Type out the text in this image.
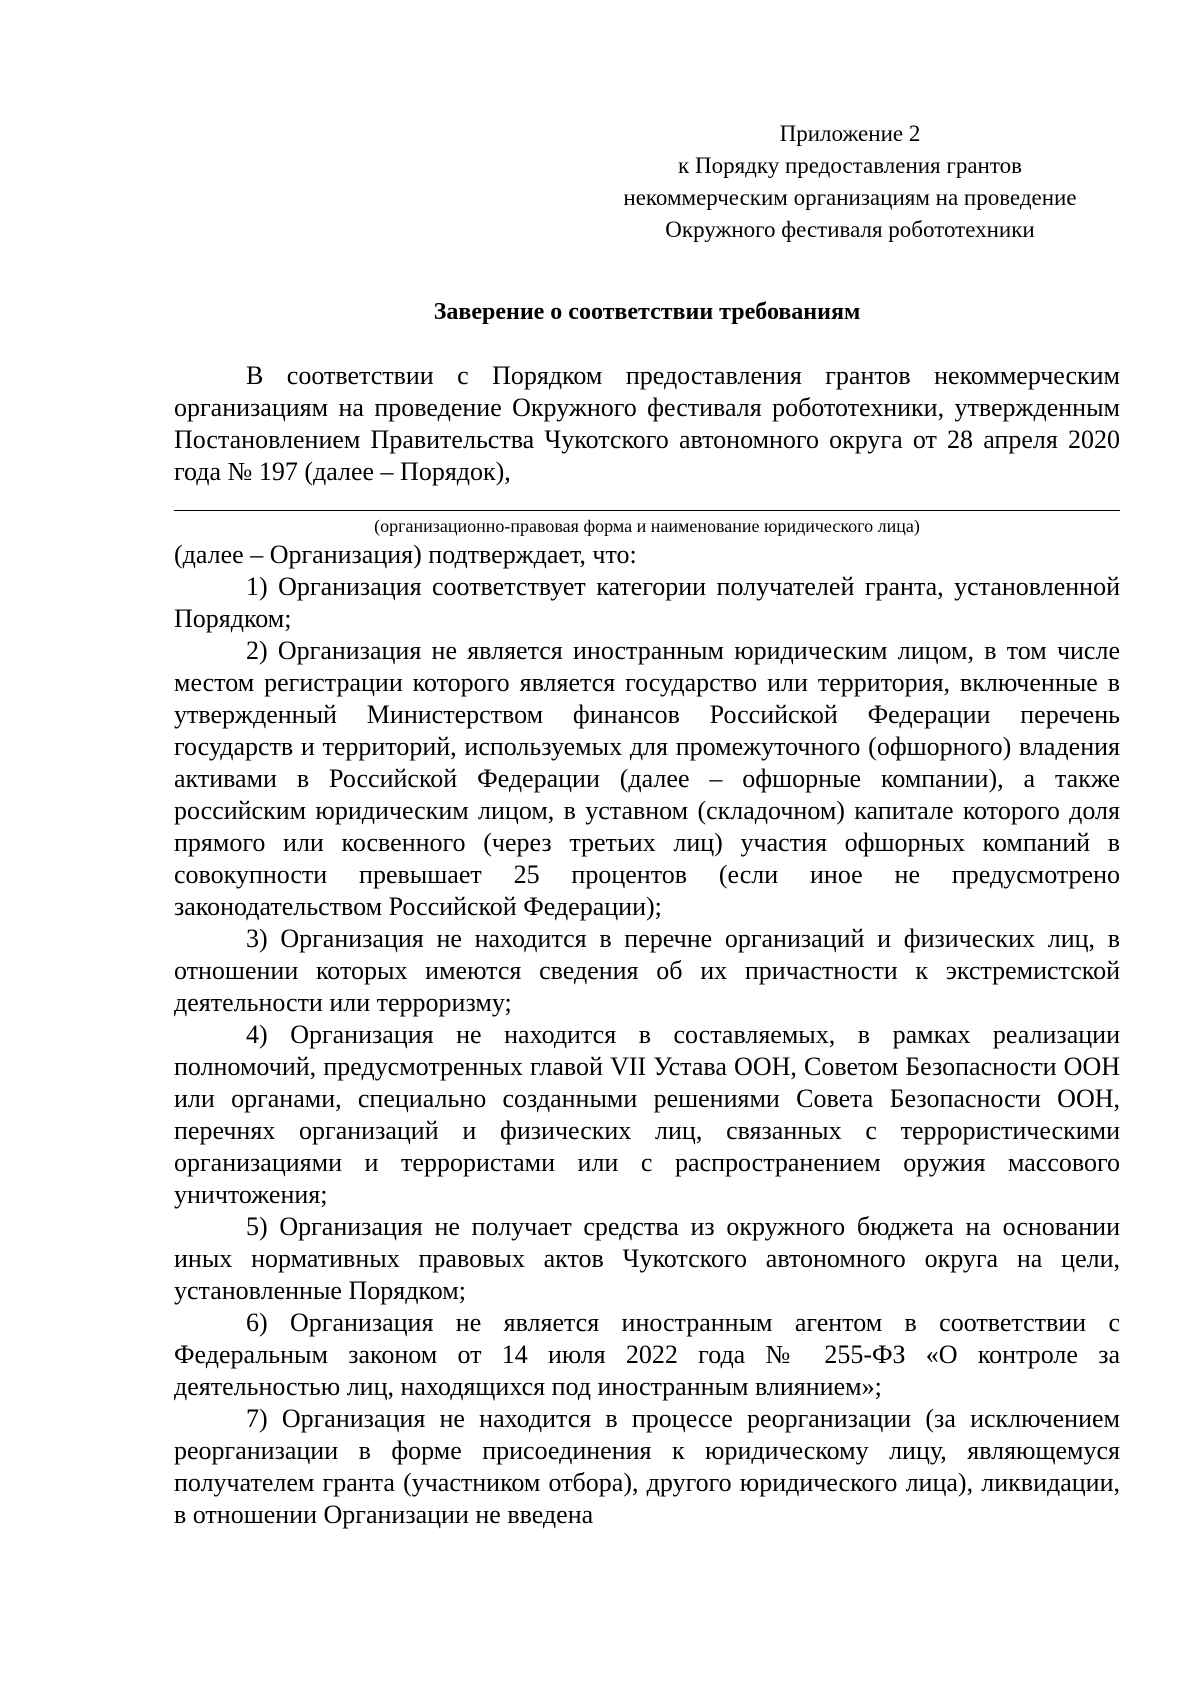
Приложение 2
к Порядку предоставления грантов
некоммерческим организациям на проведение
Окружного фестиваля робототехники
Заверение о соответствии требованиям

В соответствии с Порядком предоставления грантов некоммерческим организациям на проведение Окружного фестиваля робототехники, утвержденным Постановлением Правительства Чукотского автономного округа от 28 апреля 2020 года № 197 (далее – Порядок),

(организационно-правовая форма и наименование юридического лица)

(далее – Организация) подтверждает, что:

1) Организация соответствует категории получателей гранта, установленной Порядком;

2) Организация не является иностранным юридическим лицом, в том числе местом регистрации которого является государство или территория, включенные в утвержденный Министерством финансов Российской Федерации перечень государств и территорий, используемых для промежуточного (офшорного) владения активами в Российской Федерации (далее – офшорные компании), а также российским юридическим лицом, в уставном (складочном) капитале которого доля прямого или косвенного (через третьих лиц) участия офшорных компаний в совокупности превышает 25 процентов (если иное не предусмотрено законодательством Российской Федерации);

3) Организация не находится в перечне организаций и физических лиц, в отношении которых имеются сведения об их причастности к экстремистской деятельности или терроризму;

4) Организация не находится в составляемых, в рамках реализации полномочий, предусмотренных главой VII Устава ООН, Советом Безопасности ООН или органами, специально созданными решениями Совета Безопасности ООН, перечнях организаций и физических лиц, связанных с террористическими организациями и террористами или с распространением оружия массового уничтожения;

5) Организация не получает средства из окружного бюджета на основании иных нормативных правовых актов Чукотского автономного округа на цели, установленные Порядком;

6) Организация не является иностранным агентом в соответствии с Федеральным законом от 14 июля 2022 года № 255-ФЗ «О контроле за деятельностью лиц, находящихся под иностранным влиянием»;

7) Организация не находится в процессе реорганизации (за исключением реорганизации в форме присоединения к юридическому лицу, являющемуся получателем гранта (участником отбора), другого юридического лица), ликвидации, в отношении Организации не введена
